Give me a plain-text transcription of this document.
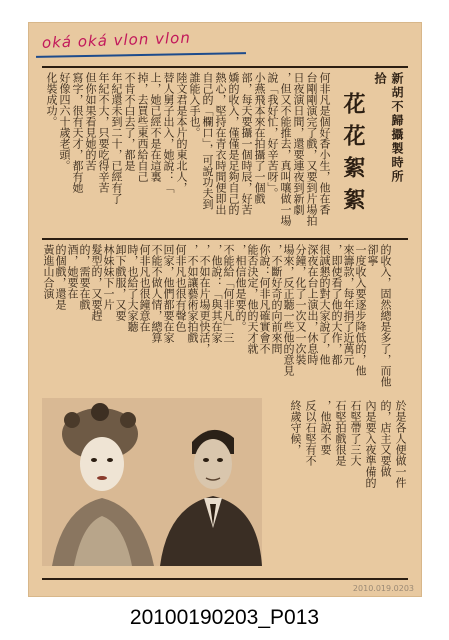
oká oká vlon vlon
新胡不歸攝製時所拾
花花絮絮
何非凡是個好香小生，他在香
台剛剛演完了戲，又要到片場拍
日夜演日間，還要連夜到新劇
，但又不能推去，真叫嚷做一場
說「我好忙，好辛苦呀」。
小燕飛本來在拍攝了一個戲
部，每天要攝一個時辰，好苦
嬌的收入，僅僅是足夠自己的
熱心，堅持在青衣時間便即出
自己的「欄口」，可說功夫到
誰能入手也。
陸文君是本片的東北人，
替人舅子出入，她說：「
上，她已經不是在這裏
掉，去買些東西給自己
不肯不白去了，都是
年紀還未到二十，已經有了
年紀不大，只要吃得辛苦
但你如果看見她的苦
寫字，很有天才，都有她
好像四六十歲老頭。
化裝成功。
的收入，固然總是多了，而他卻寧
一度收入要逐步降低的，他
來籌款，每年捐了近萬元
，即使看了他的大作，都
很誠懇的對大家說了，他
深夜在台上演出，休息時
分鐘，化了一次又一次裝
場來，反正聽一些他的意見
，不斷好奇的向前來問
你說：何非凡確實會不
能否決定，他的天才就
，相信他是要的。
不能給「何非凡」三
，他說：「與其在家
，不如在片場更快活，
，不如讓藝術家拍戲
何非凡也很有聲色
回家，他們都要在家
不能不做人情，總算
何非凡也很鐘意在
時，也給了大家聽
卸下戲服，又要
林妹妹下一片
髮型的，又要趕
的，需要在戲
酒，她要在
的個戲，還是
黃進山合演
於是各人便做一件
的，店主又要做
內是要入夜準備的
石堅帶了三大
石堅拍戲很是
，他說不要
反以石堅有不
終歲守候，
2010.019.0203
20100190203_P013
